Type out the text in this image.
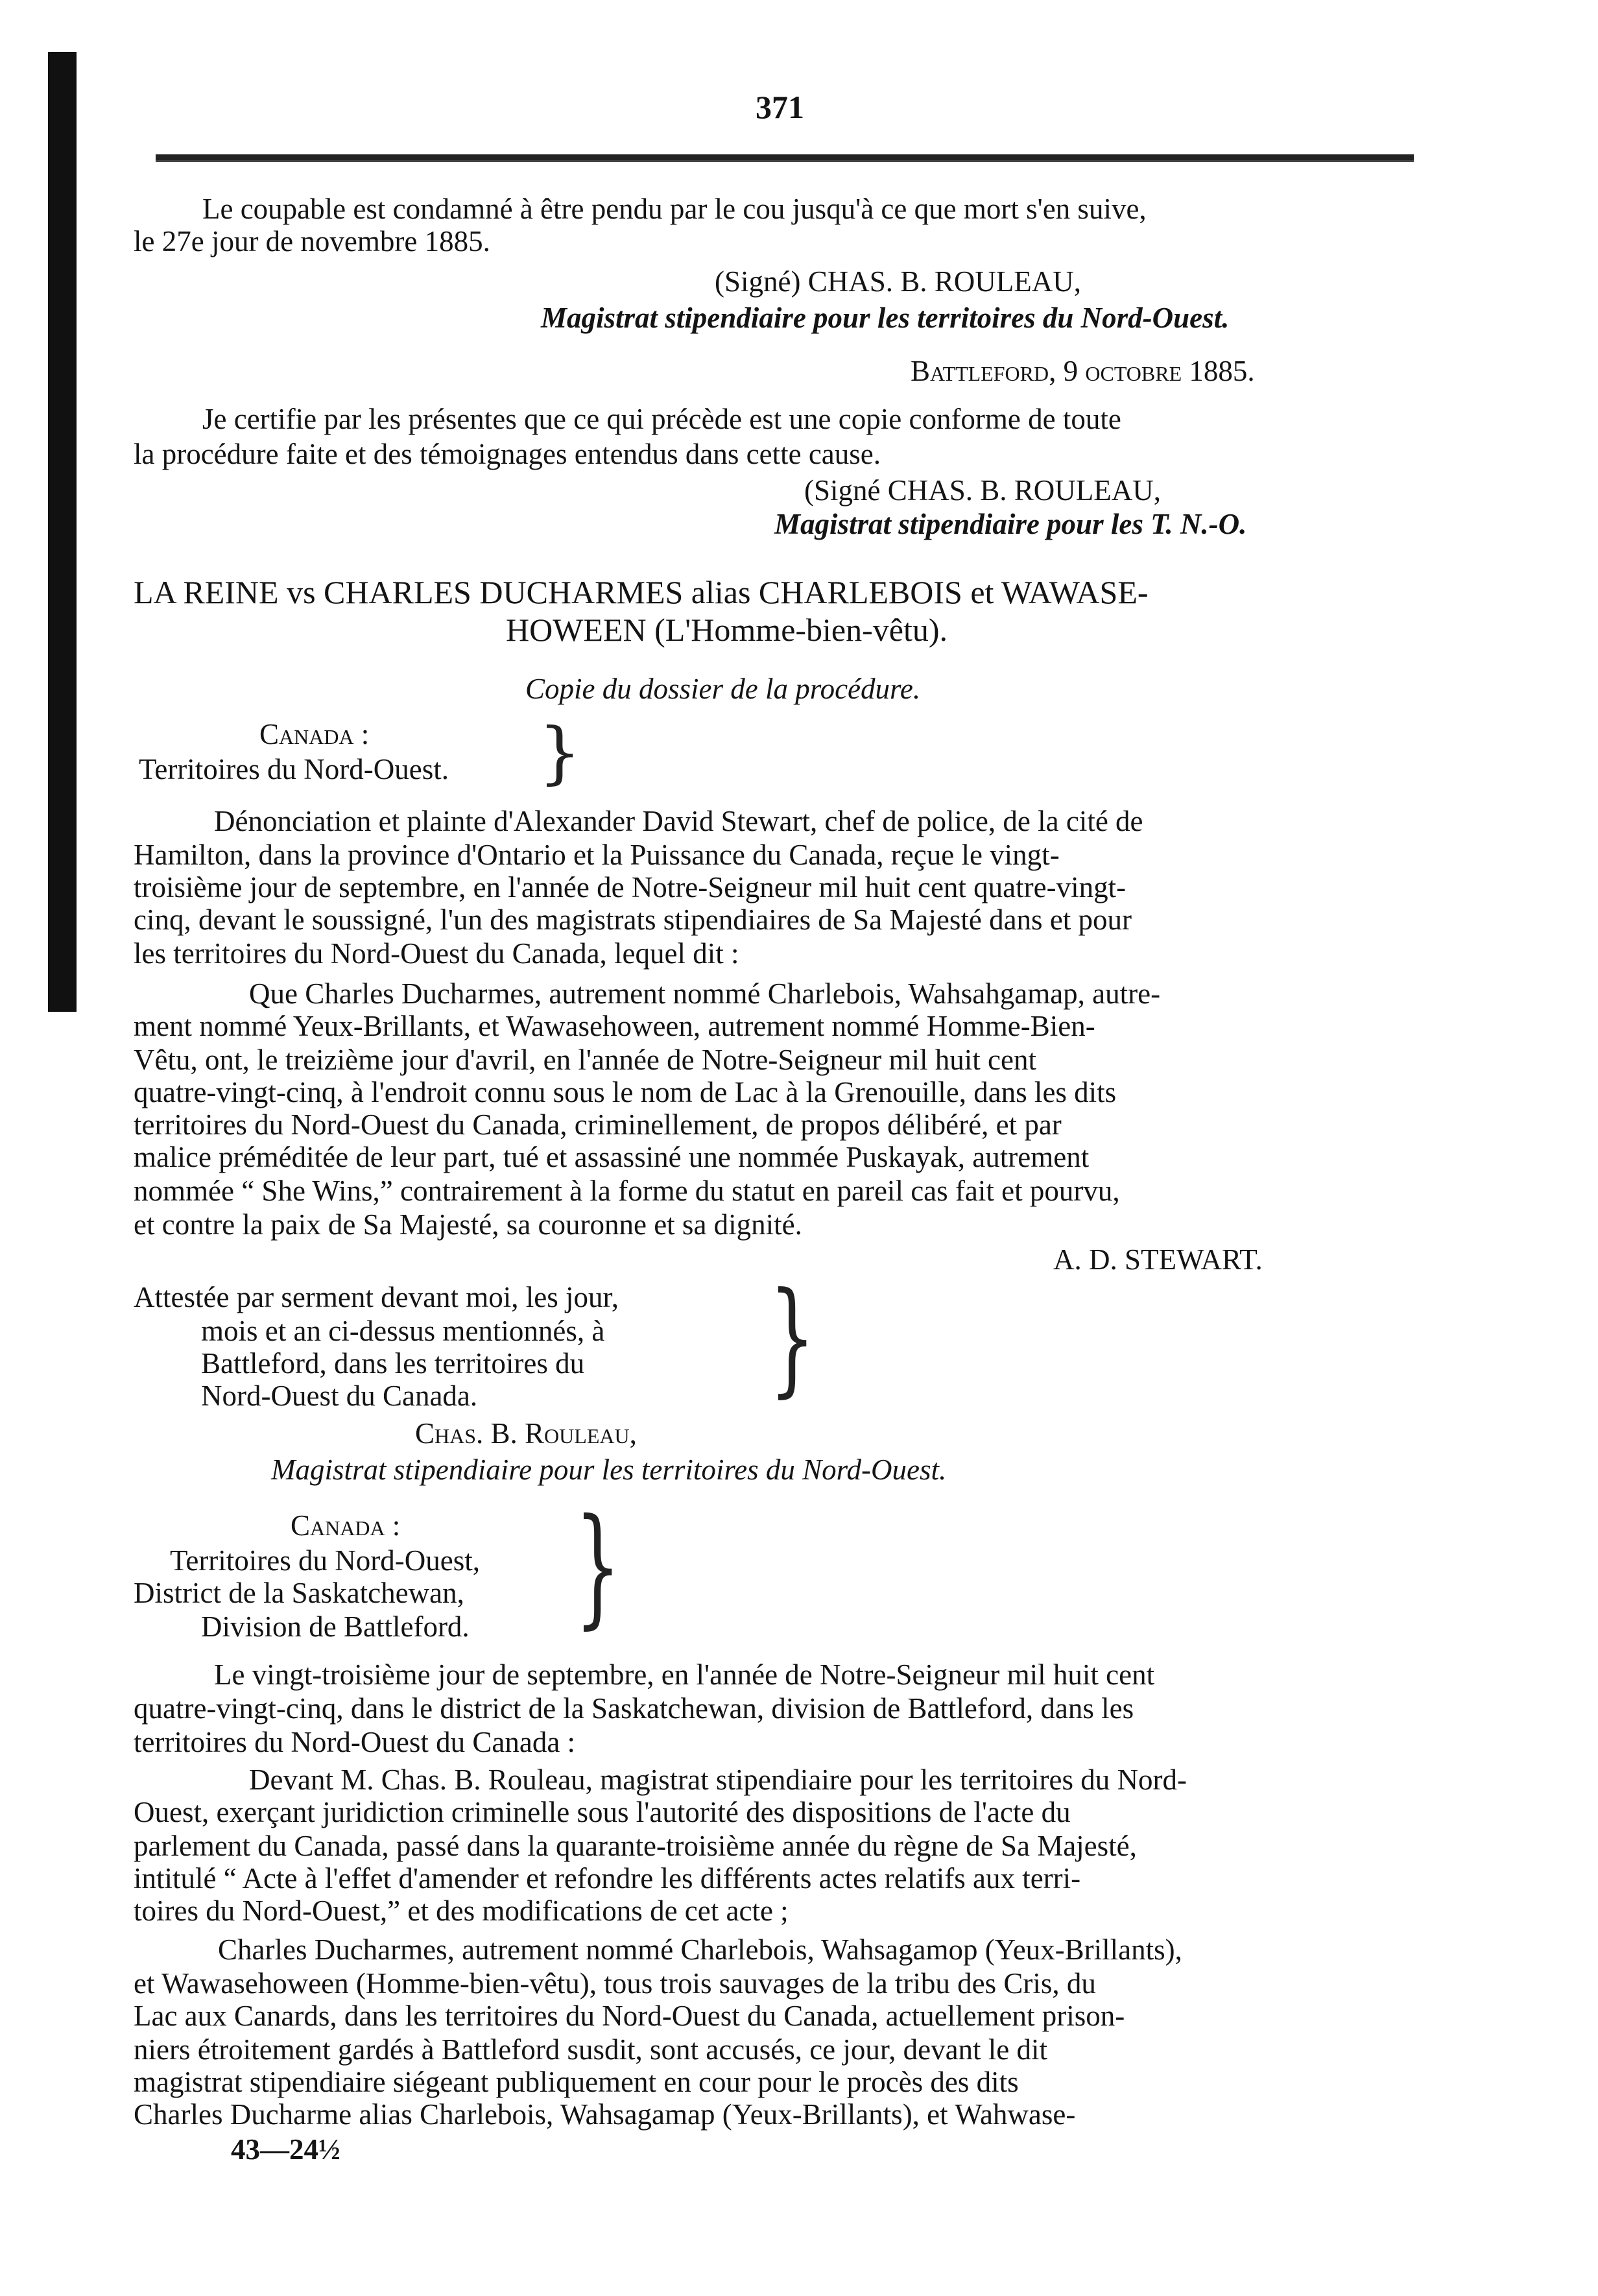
371
Le coupable est condamné à être pendu par le cou jusqu'à ce que mort s'en suive,
le 27e jour de novembre 1885.
(Signé) CHAS. B. ROULEAU,
Magistrat stipendiaire pour les territoires du Nord-Ouest.
Battleford, 9 octobre 1885.
Je certifie par les présentes que ce qui précède est une copie conforme de toute
la procédure faite et des témoignages entendus dans cette cause.
(Signé CHAS. B. ROULEAU,
Magistrat stipendiaire pour les T. N.-O.
LA REINE vs CHARLES DUCHARMES alias CHARLEBOIS et WAWASE-
HOWEEN (L'Homme-bien-vêtu).
Copie du dossier de la procédure.
Canada :
Territoires du Nord-Ouest. }
Dénonciation et plainte d'Alexander David Stewart, chef de police, de la cité de
Hamilton, dans la province d'Ontario et la Puissance du Canada, reçue le vingt-
troisième jour de septembre, en l'année de Notre-Seigneur mil huit cent quatre-vingt-
cinq, devant le soussigné, l'un des magistrats stipendiaires de Sa Majesté dans et pour
les territoires du Nord-Ouest du Canada, lequel dit :
Que Charles Ducharmes, autrement nommé Charlebois, Wahsahgamap, autre-
ment nommé Yeux-Brillants, et Wawasehoween, autrement nommé Homme-Bien-
Vêtu, ont, le treizième jour d'avril, en l'année de Notre-Seigneur mil huit cent
quatre-vingt-cinq, à l'endroit connu sous le nom de Lac à la Grenouille, dans les dits
territoires du Nord-Ouest du Canada, criminellement, de propos délibéré, et par
malice préméditée de leur part, tué et assassiné une nommée Puskayak, autrement
nommée “ She Wins,” contrairement à la forme du statut en pareil cas fait et pourvu,
et contre la paix de Sa Majesté, sa couronne et sa dignité.
A. D. STEWART.
Attestée par serment devant moi, les jour,
mois et an ci-dessus mentionnés, à
Battleford, dans les territoires du
Nord-Ouest du Canada.	}
Chas. B. Rouleau,
Magistrat stipendiaire pour les territoires du Nord-Ouest.
Canada :
Territoires du Nord-Ouest,
District de la Saskatchewan,
Division de Battleford. }
Le vingt-troisième jour de septembre, en l'année de Notre-Seigneur mil huit cent
quatre-vingt-cinq, dans le district de la Saskatchewan, division de Battleford, dans les
territoires du Nord-Ouest du Canada :
Devant M. Chas. B. Rouleau, magistrat stipendiaire pour les territoires du Nord-
Ouest, exerçant juridiction criminelle sous l'autorité des dispositions de l'acte du
parlement du Canada, passé dans la quarante-troisième année du règne de Sa Majesté,
intitulé “ Acte à l'effet d'amender et refondre les différents actes relatifs aux terri-
toires du Nord-Ouest,” et des modifications de cet acte ;
Charles Ducharmes, autrement nommé Charlebois, Wahsagamop (Yeux-Brillants),
et Wawasehoween (Homme-bien-vêtu), tous trois sauvages de la tribu des Cris, du
Lac aux Canards, dans les territoires du Nord-Ouest du Canada, actuellement prison-
niers étroitement gardés à Battleford susdit, sont accusés, ce jour, devant le dit
magistrat stipendiaire siégeant publiquement en cour pour le procès des dits
Charles Ducharme alias Charlebois, Wahsagamap (Yeux-Brillants), et Wahwase-
43—24½
